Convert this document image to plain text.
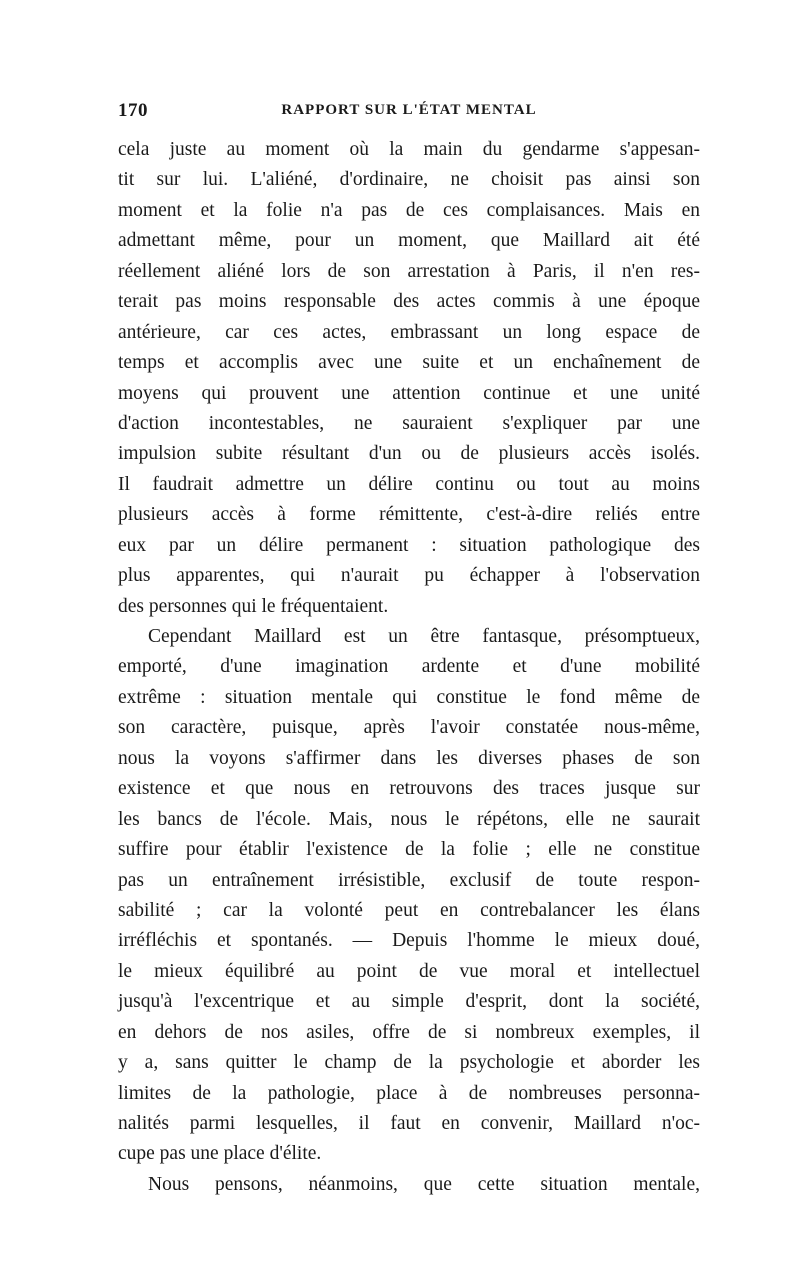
170	RAPPORT SUR L'ÉTAT MENTAL
cela juste au moment où la main du gendarme s'appesan-
tit sur lui. L'aliéné, d'ordinaire, ne choisit pas ainsi son
moment et la folie n'a pas de ces complaisances. Mais en
admettant même, pour un moment, que Maillard ait été
réellement aliéné lors de son arrestation à Paris, il n'en res-
terait pas moins responsable des actes commis à une époque
antérieure, car ces actes, embrassant un long espace de
temps et accomplis avec une suite et un enchaînement de
moyens qui prouvent une attention continue et une unité
d'action incontestables, ne sauraient s'expliquer par une
impulsion subite résultant d'un ou de plusieurs accès isolés.
Il faudrait admettre un délire continu ou tout au moins
plusieurs accès à forme rémittente, c'est-à-dire reliés entre
eux par un délire permanent : situation pathologique des
plus apparentes, qui n'aurait pu échapper à l'observation
des personnes qui le fréquentaient.
Cependant Maillard est un être fantasque, présomptueux,
emporté, d'une imagination ardente et d'une mobilité
extrême : situation mentale qui constitue le fond même de
son caractère, puisque, après l'avoir constatée nous-même,
nous la voyons s'affirmer dans les diverses phases de son
existence et que nous en retrouvons des traces jusque sur
les bancs de l'école. Mais, nous le répétons, elle ne saurait
suffire pour établir l'existence de la folie ; elle ne constitue
pas un entraînement irrésistible, exclusif de toute respon-
sabilité ; car la volonté peut en contrebalancer les élans
irréfléchis et spontanés. — Depuis l'homme le mieux doué,
le mieux équilibré au point de vue moral et intellectuel
jusqu'à l'excentrique et au simple d'esprit, dont la société,
en dehors de nos asiles, offre de si nombreux exemples, il
y a, sans quitter le champ de la psychologie et aborder les
limites de la pathologie, place à de nombreuses personna-
nalités parmi lesquelles, il faut en convenir, Maillard n'oc-
cupe pas une place d'élite.
Nous pensons, néanmoins, que cette situation mentale,
